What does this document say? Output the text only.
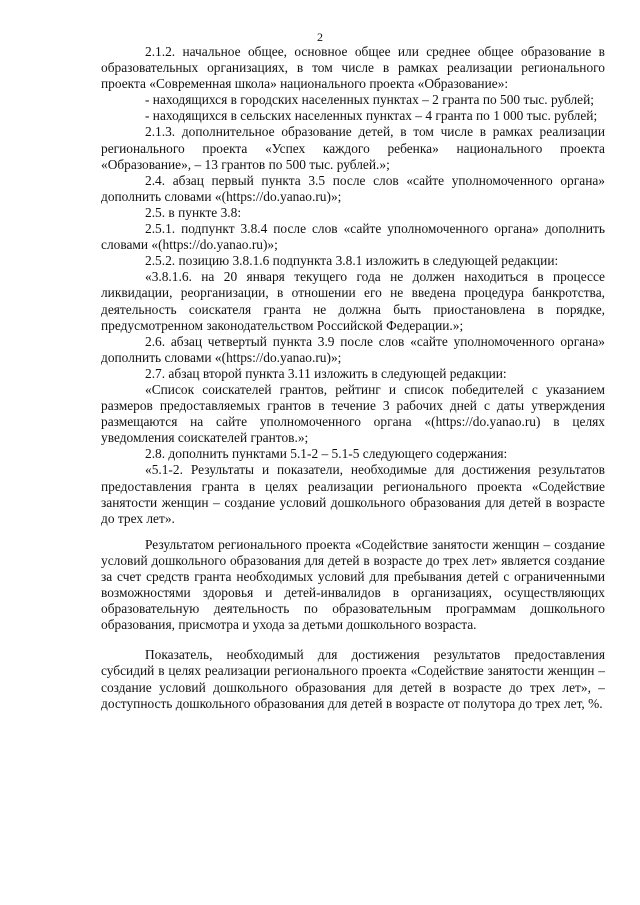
2

2.1.2. начальное общее, основное общее или среднее общее образование в образовательных организациях, в том числе в рамках реализации регионального проекта «Современная школа» национального проекта «Образование»:

- находящихся в городских населенных пунктах – 2 гранта по 500 тыс. рублей;

- находящихся в сельских населенных пунктах – 4 гранта по 1 000 тыс. рублей;

2.1.3. дополнительное образование детей, в том числе в рамках реализации регионального проекта «Успех каждого ребенка» национального проекта «Образование», – 13 грантов по 500 тыс. рублей.»;

2.4. абзац первый пункта 3.5 после слов «сайте уполномоченного органа» дополнить словами «(https://do.yanao.ru)»;

2.5. в пункте 3.8:

2.5.1. подпункт 3.8.4 после слов «сайте уполномоченного органа» дополнить словами «(https://do.yanao.ru)»;

2.5.2. позицию 3.8.1.6 подпункта 3.8.1 изложить в следующей редакции:

«3.8.1.6. на 20 января текущего года не должен находиться в процессе ликвидации, реорганизации, в отношении его не введена процедура банкротства, деятельность соискателя гранта не должна быть приостановлена в порядке, предусмотренном законодательством Российской Федерации.»;

2.6. абзац четвертый пункта 3.9 после слов «сайте уполномоченного органа» дополнить словами «(https://do.yanao.ru)»;

2.7. абзац второй пункта 3.11 изложить в следующей редакции:

«Список соискателей грантов, рейтинг и список победителей с указанием размеров предоставляемых грантов в течение 3 рабочих дней с даты утверждения размещаются на сайте уполномоченного органа «(https://do.yanao.ru) в целях уведомления соискателей грантов.»;

2.8. дополнить пунктами 5.1-2 – 5.1-5 следующего содержания:

«5.1-2. Результаты и показатели, необходимые для достижения результатов предоставления гранта в целях реализации регионального проекта «Содействие занятости женщин – создание условий дошкольного образования для детей в возрасте до трех лет».

Результатом регионального проекта «Содействие занятости женщин – создание условий дошкольного образования для детей в возрасте до трех лет» является создание за счет средств гранта необходимых условий для пребывания детей с ограниченными возможностями здоровья и детей-инвалидов в организациях, осуществляющих образовательную деятельность по образовательным программам дошкольного образования, присмотра и ухода за детьми дошкольного возраста.

Показатель, необходимый для достижения результатов предоставления субсидий в целях реализации регионального проекта «Содействие занятости женщин – создание условий дошкольного образования для детей в возрасте до трех лет», – доступность дошкольного образования для детей в возрасте от полутора до трех лет, %.
